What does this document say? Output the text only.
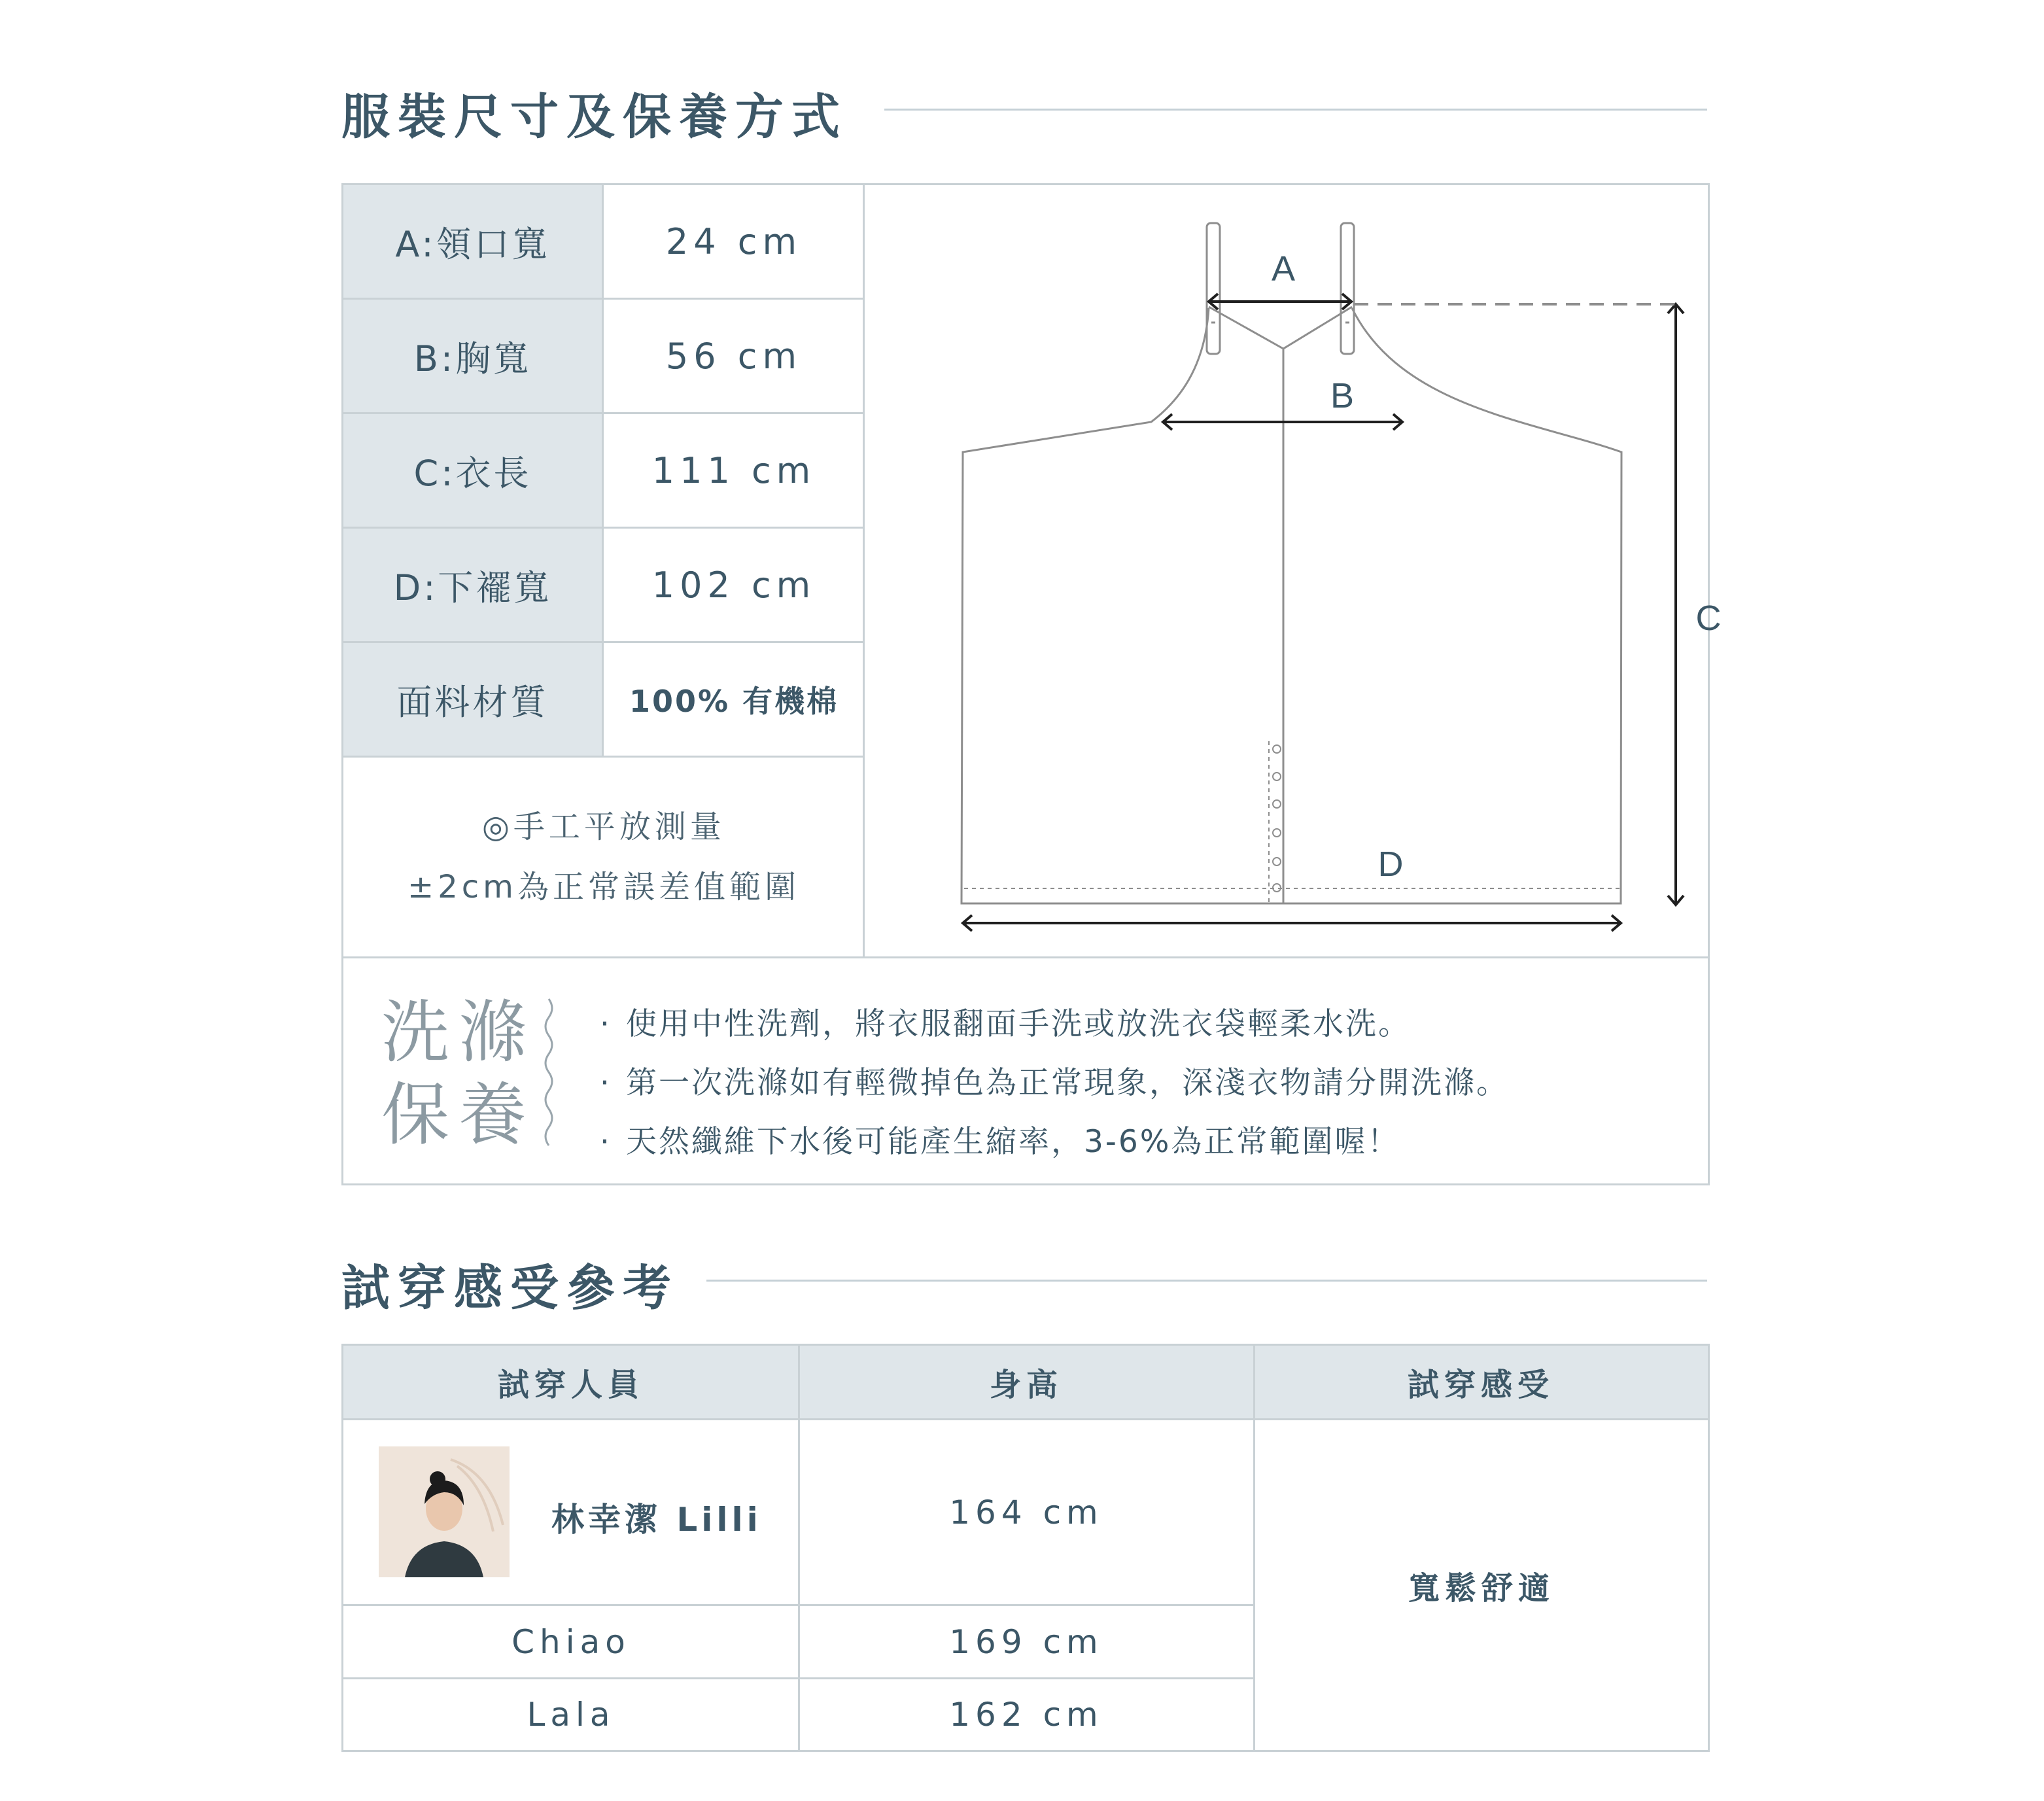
服裝尺寸及保養方式
A:領口寬	24 cm
B:胸寬	56 cm
C:衣長	111 cm
D:下襬寬	102 cm
面料材質	100% 有機棉
◎手工平放測量
±2cm為正常誤差值範圍
A
B
C
D
洗滌
保養
· 使用中性洗劑，將衣服翻面手洗或放洗衣袋輕柔水洗。
· 第一次洗滌如有輕微掉色為正常現象，深淺衣物請分開洗滌。
· 天然纖維下水後可能產生縮率，3-6%為正常範圍喔！
試穿感受參考
試穿人員	身高	試穿感受
林幸潔 Lilli	164 cm
Chiao	169 cm
Lala	162 cm
寬鬆舒適
